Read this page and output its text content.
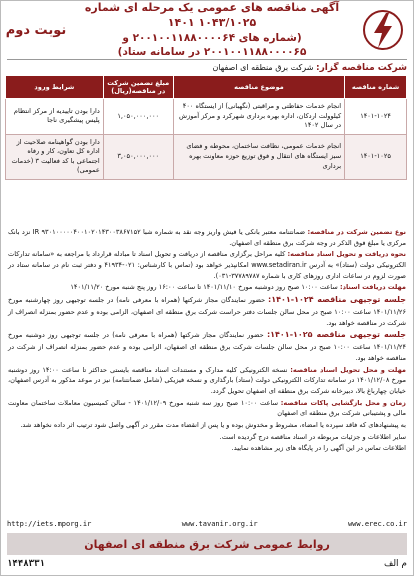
آگهی مناقصه های عمومی یک مرحله ای شماره ۱۰۴۳/۱۰۲۵ ۱۴۰۱
(شماره های ۲۰۰۱۰۰۱۱۸۸۰۰۰۰۶۴ و ۲۰۰۱۰۰۱۱۸۸۰۰۰۰۶۵ در سامانه ستاد)
نوبت دوم
شرکت مناقصه گزار: شرکت برق منطقه ای اصفهان
شماره مناقصه	موضوع مناقصه	مبلغ تضمین شرکت در مناقصه(ریال)	شرایط ورود
۱۴۰۱-۱۰۲۴	انجام خدمات حفاظتی و مراقبتی (نگهبانی) از ایستگاه ۴۰۰ کیلوولت اردکان، اداره بهره برداری شهرکرد و مرکز آموزش در سال ۱۴۰۲	۱,۰۵۰,۰۰۰,۰۰۰	دارا بودن تاییدیه از مرکز انتظام پلیس پیشگیری ناجا
۱۴۰۱-۱۰۲۵	انجام خدمات عمومی، نظافت ساختمان، محوطه و فضای سبز ایستگاه های انتقال و فوق توزیع حوزه معاونت بهره برداری	۳,۰۵۰,۰۰۰,۰۰۰	دارا بودن گواهینامه صلاحیت از اداره کل تعاون، کار و رفاه اجتماعی با کد فعالیت ۳ (خدمات عمومی)

نوع تضمین شرکت در مناقصه: ضمانتنامه معتبر بانکی یا فیش واریز وجه نقد به شماره شبا IR ۹۳۰۱۰۰۰۰۰۴۰۰۱۰۲۰۱۴۳۰۰۳۸۶۷۱۵۲ نزد بانک مرکزی یا مبلغ فوق الذکر در وجه شرکت برق منطقه ای اصفهان.

نحوه دریافت و تحویل اسناد مناقصه: کلیه مراحل برگزاری مناقصه از دریافت و تحویل اسناد تا مبادله قرارداد با مراجعه به «سامانه تدارکات الکترونیکی دولت (ستاد)» به آدرس www.setadiran.ir امکانپذیر خواهد بود (تماس با کارشناس: ۰۲۱-۴۱۹۳۴ و دفتر ثبت نام در سامانه ستاد در صورت لزوم در ساعات اداری روزهای کاری با شماره ۳۷۷۸۹۷۸۷-۰۳۱).

مهلت دریافت اسناد: ساعت ۱۰:۰۰ صبح روز دوشنبه مورخ ۱۴۰۱/۱۱/۱۰ تا ساعت ۱۶:۰۰ روز پنج شنبه مورخ ۱۴۰۱/۱۱/۲۰

جلسه توجیهی مناقصه ۱۰۲۴-۱۴۰۱: حضور نمایندگان مجاز شرکتها (همراه با معرفی نامه) در جلسه توجیهی روز چهارشنبه مورخ ۱۴۰۱/۱۱/۲۶ ساعت ۱۰:۰۰ صبح در محل سالن جلسات دفتر حراست شرکت برق منطقه ای اصفهان، الزامی بوده و عدم حضور بمنزله انصراف از شرکت در مناقصه خواهد بود.

جلسه توجیهی مناقصه ۱۰۲۵-۱۴۰۱: حضور نمایندگان مجاز شرکتها (همراه با معرفی نامه) در جلسه توجیهی روز دوشنبه مورخ ۱۴۰۱/۱۱/۲۴ ساعت ۱۰:۰۰ صبح در محل سالن جلسات شرکت برق منطقه ای اصفهان، الزامی بوده و عدم حضور بمنزله انصراف از شرکت در مناقصه خواهد بود.

مهلت و محل تحویل اسناد مناقصه: نسخه الکترونیکی کلیه مدارک و مستندات اسناد مناقصه بایستی حداکثر تا ساعت ۱۴:۰۰ روز دوشنبه مورخ ۱۴۰۱/۱۲/۰۸ در سامانه تدارکات الکترونیکی دولت (ستاد) بارگذاری و نسخه فیزیکی (شامل ضمانتنامه) نیز در موعد مذکور به آدرس اصفهان، خیابان چهارباغ بالا، دبیرخانه شرکت برق منطقه ای اصفهان تحویل گردد.

زمان و محل بازگشایی پاکات مناقصه: ساعت ۱۰:۰۰ صبح روز سه شنبه مورخ ۱۴۰۱/۱۲/۰۹ - سالن کمیسیون معاملات ساختمان معاونت مالی و پشتیبانی شرکت برق منطقه ای اصفهان

به پیشنهادهای که فاقد سپرده یا امضاء، مشروط و مخدوش بوده و یا پس از انقضاء مدت مقرر در آگهی واصل شود ترتیب اثر داده نخواهد شد.

سایر اطلاعات و جزئیات مربوطه در اسناد مناقصه درج گردیده است.

اطلاعات تماس در این آگهی را در پایگاه های زیر مشاهده نمایید.

http://iets.mporg.ir	www.tavanir.org.ir	www.erec.co.ir
روابط عمومی شرکت برق منطقه ای اصفهان
م الف
۱۴۴۸۳۳۱
